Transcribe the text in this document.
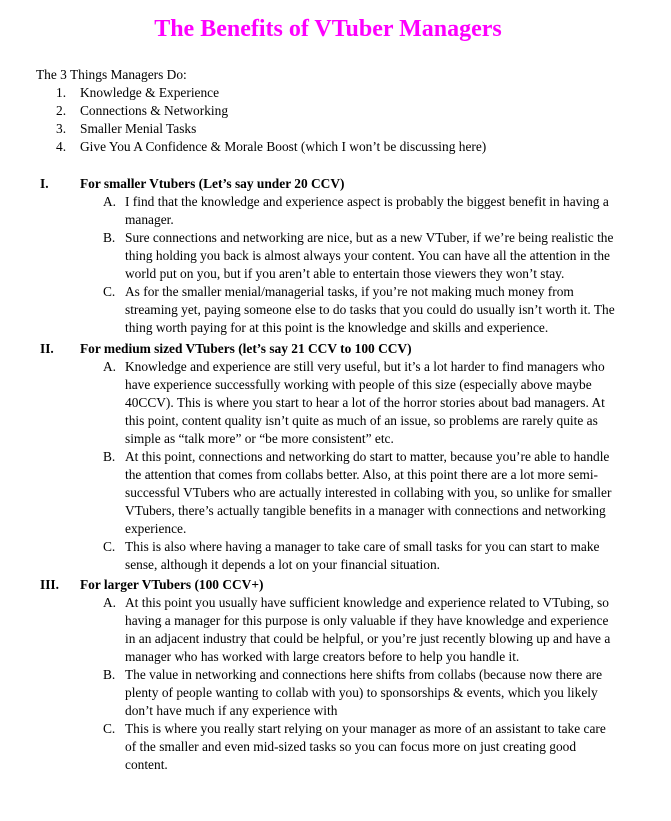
The Benefits of VTuber Managers
The 3 Things Managers Do:
1. Knowledge & Experience
2. Connections & Networking
3. Smaller Menial Tasks
4. Give You A Confidence & Morale Boost (which I won’t be discussing here)
I. For smaller Vtubers (Let’s say under 20 CCV)
A. I find that the knowledge and experience aspect is probably the biggest benefit in having a manager.
B. Sure connections and networking are nice, but as a new VTuber, if we’re being realistic the thing holding you back is almost always your content. You can have all the attention in the world put on you, but if you aren’t able to entertain those viewers they won’t stay.
C. As for the smaller menial/managerial tasks, if you’re not making much money from streaming yet, paying someone else to do tasks that you could do usually isn’t worth it. The thing worth paying for at this point is the knowledge and skills and experience.
II. For medium sized VTubers (let’s say 21 CCV to 100 CCV)
A. Knowledge and experience are still very useful, but it’s a lot harder to find managers who have experience successfully working with people of this size (especially above maybe 40CCV). This is where you start to hear a lot of the horror stories about bad managers. At this point, content quality isn’t quite as much of an issue, so problems are rarely quite as simple as “talk more” or “be more consistent” etc.
B. At this point, connections and networking do start to matter, because you’re able to handle the attention that comes from collabs better. Also, at this point there are a lot more semi-successful VTubers who are actually interested in collabing with you, so unlike for smaller VTubers, there’s actually tangible benefits in a manager with connections and networking experience.
C. This is also where having a manager to take care of small tasks for you can start to make sense, although it depends a lot on your financial situation.
III. For larger VTubers (100 CCV+)
A. At this point you usually have sufficient knowledge and experience related to VTubing, so having a manager for this purpose is only valuable if they have knowledge and experience in an adjacent industry that could be helpful, or you’re just recently blowing up and have a manager who has worked with large creators before to help you handle it.
B. The value in networking and connections here shifts from collabs (because now there are plenty of people wanting to collab with you) to sponsorships & events, which you likely don’t have much if any experience with
C. This is where you really start relying on your manager as more of an assistant to take care of the smaller and even mid-sized tasks so you can focus more on just creating good content.
